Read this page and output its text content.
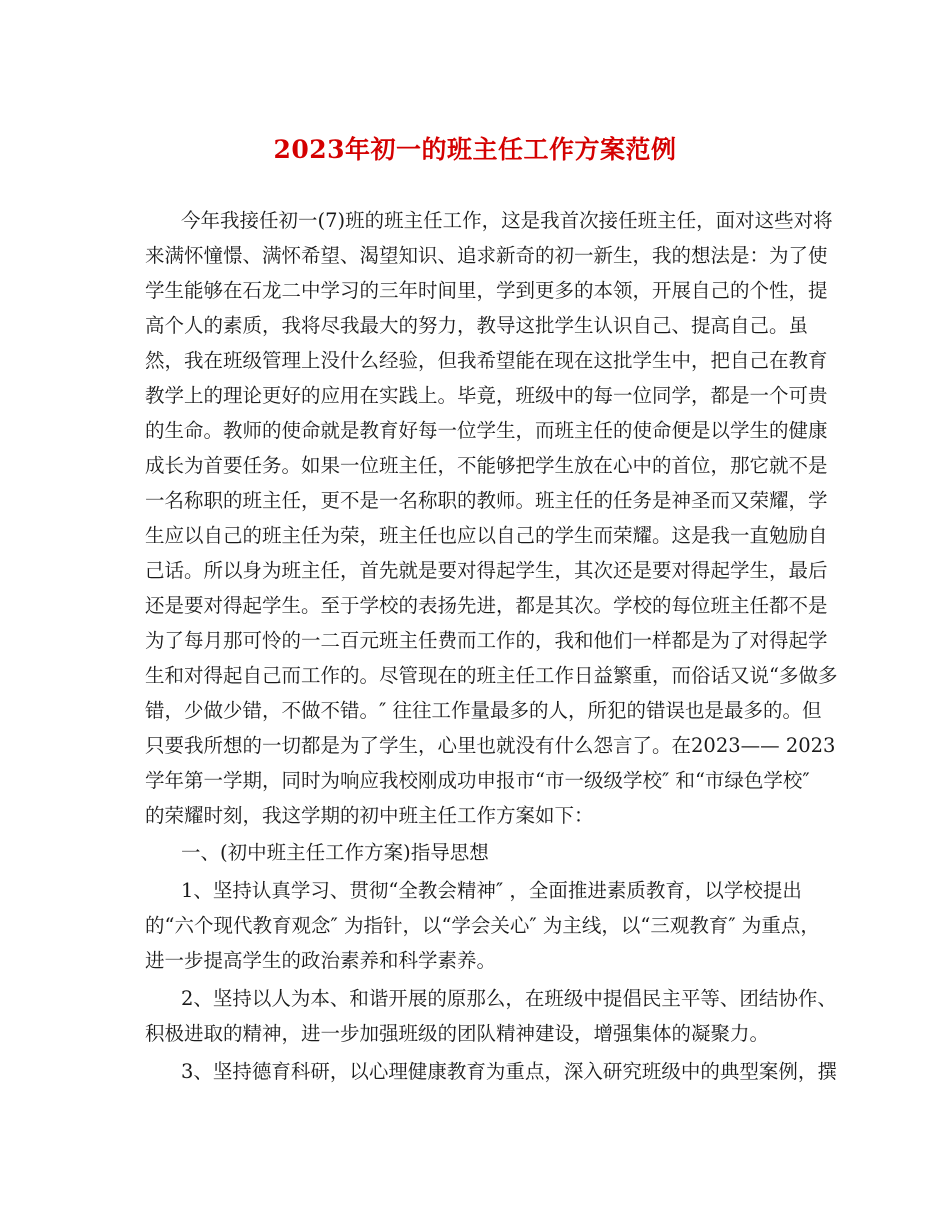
2023年初一的班主任工作方案范例
今年我接任初一(7)班的班主任工作，这是我首次接任班主任，面对这些对将
来满怀憧憬、满怀希望、渴望知识、追求新奇的初一新生，我的想法是：为了使
学生能够在石龙二中学习的三年时间里，学到更多的本领，开展自己的个性，提
高个人的素质，我将尽我最大的努力，教导这批学生认识自己、提高自己。虽
然，我在班级管理上没什么经验，但我希望能在现在这批学生中，把自己在教育
教学上的理论更好的应用在实践上。毕竟，班级中的每一位同学，都是一个可贵
的生命。教师的使命就是教育好每一位学生，而班主任的使命便是以学生的健康
成长为首要任务。如果一位班主任，不能够把学生放在心中的首位，那它就不是
一名称职的班主任，更不是一名称职的教师。班主任的任务是神圣而又荣耀，学
生应以自己的班主任为荣，班主任也应以自己的学生而荣耀。这是我一直勉励自
己话。所以身为班主任，首先就是要对得起学生，其次还是要对得起学生，最后
还是要对得起学生。至于学校的表扬先进，都是其次。学校的每位班主任都不是
为了每月那可怜的一二百元班主任费而工作的，我和他们一样都是为了对得起学
生和对得起自己而工作的。尽管现在的班主任工作日益繁重，而俗话又说“多做多
错，少做少错，不做不错。″ 往往工作量最多的人，所犯的错误也是最多的。但
只要我所想的一切都是为了学生，心里也就没有什么怨言了。在2023—— 2023
学年第一学期，同时为响应我校刚成功申报市“市一级级学校″ 和“市绿色学校″
的荣耀时刻，我这学期的初中班主任工作方案如下：
一、(初中班主任工作方案)指导思想
1、坚持认真学习、贯彻“全教会精神″ ，全面推进素质教育，以学校提出
的“六个现代教育观念″ 为指针，以“学会关心″ 为主线，以“三观教育″ 为重点，
进一步提高学生的政治素养和科学素养。
2、坚持以人为本、和谐开展的原那么，在班级中提倡民主平等、团结协作、
积极进取的精神，进一步加强班级的团队精神建设，增强集体的凝聚力。
3、坚持德育科研，以心理健康教育为重点，深入研究班级中的典型案例，撰
